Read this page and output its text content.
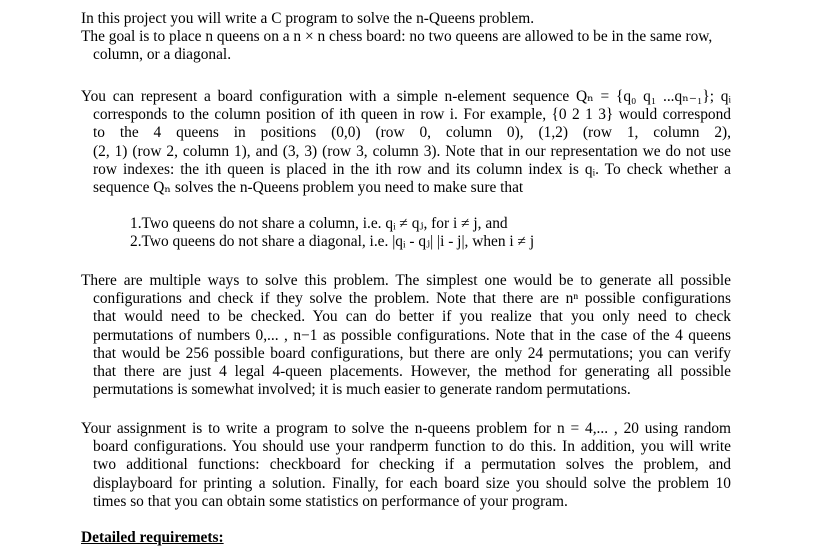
In this project you will write a C program to solve the n-Queens problem.
The goal is to place n queens on a n × n chess board: no two queens are allowed to be in the same row,
column, or a diagonal.
You can represent a board configuration with a simple n-element sequence Qₙ = {q₀ q₁ ...qₙ₋₁}; qᵢ
corresponds to the column position of ith queen in row i. For example, {0 2 1 3} would correspond
to the 4 queens in positions (0,0) (row 0, column 0), (1,2) (row 1, column 2),
(2, 1) (row 2, column 1), and (3, 3) (row 3, column 3). Note that in our representation we do not use
row indexes: the ith queen is placed in the ith row and its column index is qᵢ. To check whether a
sequence Qₙ solves the n-Queens problem you need to make sure that
1.Two queens do not share a column, i.e. qᵢ ≠ qⱼ, for i ≠ j, and
2.Two queens do not share a diagonal, i.e. |qᵢ - qⱼ| |i - j|, when i ≠ j
There are multiple ways to solve this problem. The simplest one would be to generate all possible
configurations and check if they solve the problem. Note that there are nⁿ possible configurations
that would need to be checked. You can do better if you realize that you only need to check
permutations of numbers 0,... , n−1 as possible configurations. Note that in the case of the 4 queens
that would be 256 possible board configurations, but there are only 24 permutations; you can verify
that there are just 4 legal 4-queen placements. However, the method for generating all possible
permutations is somewhat involved; it is much easier to generate random permutations.
Your assignment is to write a program to solve the n-queens problem for n = 4,... , 20 using random
board configurations. You should use your randperm function to do this. In addition, you will write
two additional functions: checkboard for checking if a permutation solves the problem, and
displayboard for printing a solution. Finally, for each board size you should solve the problem 10
times so that you can obtain some statistics on performance of your program.
Detailed requiremets:
